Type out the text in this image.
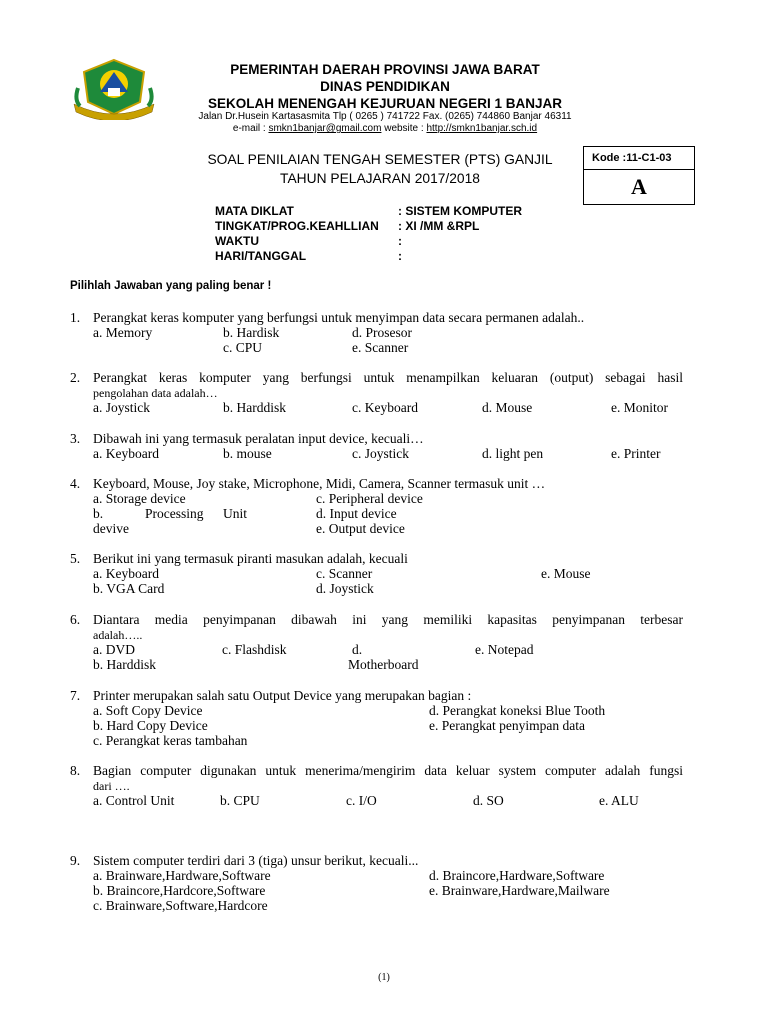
PEMERINTAH DAERAH PROVINSI JAWA BARAT
DINAS PENDIDIKAN
SEKOLAH MENENGAH KEJURUAN NEGERI 1 BANJAR
Jalan Dr.Husein Kartasasmita Tlp ( 0265 ) 741722 Fax. (0265) 744860 Banjar 46311
e-mail : smkn1banjar@gmail.com website : http://smkn1banjar.sch.id
SOAL PENILAIAN TENGAH SEMESTER (PTS) GANJIL
TAHUN PELAJARAN 2017/2018
Kode :11-C1-03
A
MATA DIKLAT	: SISTEM KOMPUTER
TINGKAT/PROG.KEAHLLIAN : XI /MM &RPL
WAKTU	:
HARI/TANGGAL	:
Pilihlah Jawaban yang paling benar !
1. Perangkat keras komputer yang berfungsi untuk menyimpan data secara permanen adalah..
a. Memory	b. Hardisk	d. Prosesor
c. CPU	e. Scanner
2. Perangkat keras komputer yang berfungsi untuk menampilkan keluaran (output) sebagai hasil
pengolahan data adalah…
a. Joystick	b. Harddisk	c. Keyboard	d. Mouse	e. Monitor
3. Dibawah ini yang termasuk peralatan input device, kecuali…
a. Keyboard	b. mouse	c. Joystick	d. light pen	e. Printer
4. Keyboard, Mouse, Joy stake, Microphone, Midi, Camera, Scanner termasuk unit …
a. Storage device	c. Peripheral device
b.	Processing Unit	d. Input device
devive	e. Output device
5. Berikut ini yang termasuk piranti masukan adalah, kecuali
a. Keyboard	c. Scanner	e. Mouse
b. VGA Card	d. Joystick
6. Diantara media penyimpanan dibawah ini yang memiliki kapasitas penyimpanan terbesar
adalah…..
a. DVD	c. Flashdisk	d.	e. Notepad
b. Harddisk	Motherboard
7. Printer merupakan salah satu Output Device yang merupakan bagian :
a. Soft Copy Device	d. Perangkat koneksi Blue Tooth
b. Hard Copy Device	e. Perangkat penyimpan data
c. Perangkat keras tambahan
8. Bagian computer digunakan untuk menerima/mengirim data keluar system computer adalah fungsi
dari ….
a. Control Unit	b. CPU	c. I/O	d. SO	e. ALU
9. Sistem computer terdiri dari 3 (tiga) unsur berikut, kecuali...
a. Brainware,Hardware,Software	d. Braincore,Hardware,Software
b. Braincore,Hardcore,Software	e. Brainware,Hardware,Mailware
c. Brainware,Software,Hardcore
(1)
